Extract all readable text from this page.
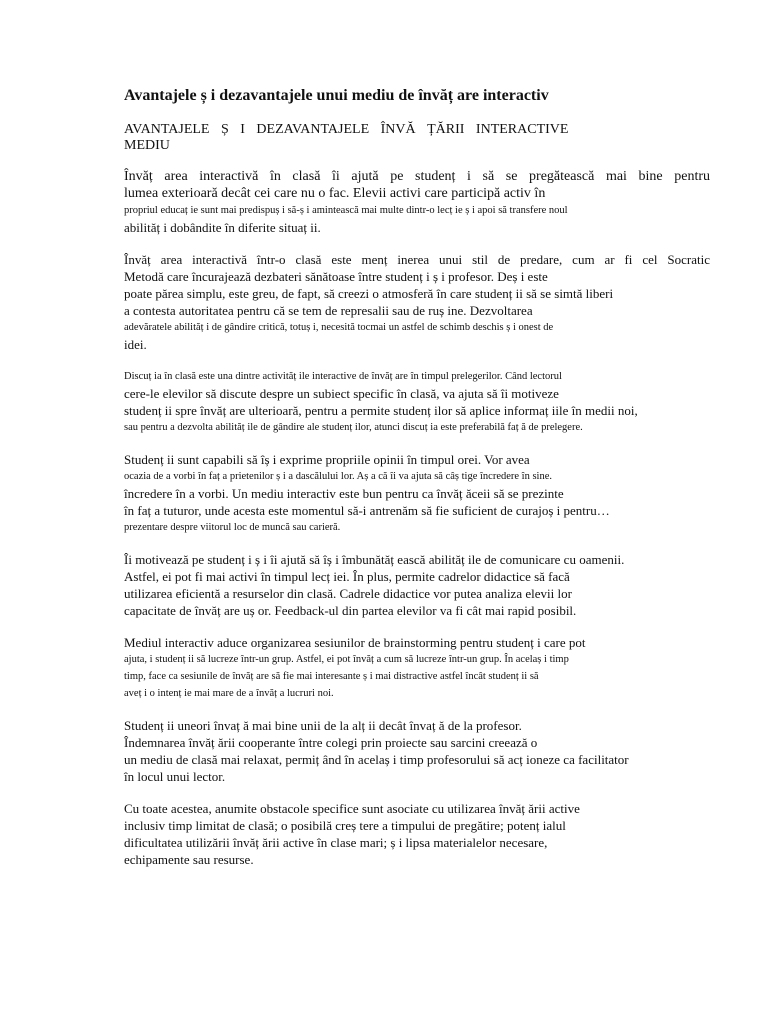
Avantajele ș i dezavantajele unui mediu de învăț are interactiv
AVANTAJELE Ș I DEZAVANTAJELE ÎNVĂ ȚĂRII INTERACTIVE MEDIU
Învăț area interactivă în clasă îi ajută pe studenț i să se pregătească mai bine pentru
lumea exterioară decât cei care nu o fac. Elevii activi care participă activ în
propriul educaț ie sunt mai predispuș i să-ș i amintească mai multe dintr-o lecț ie ș i apoi să transfere noul
abilităț i dobândite în diferite situaț ii.
Învăț area interactivă într-o clasă este menț inerea unui stil de predare, cum ar fi cel Socratic
Metodă care încurajează dezbateri sănătoase între studenț i ș i profesor. Deș i este
poate părea simplu, este greu, de fapt, să creezi o atmosferă în care studenț ii să se simtă liberi
a contesta autoritatea pentru că se tem de represalii sau de ruș ine. Dezvoltarea
adevăratele abilităț i de gândire critică, totuș i, necesită tocmai un astfel de schimb deschis ș i onest de
idei.
Discuț ia în clasă este una dintre activităț ile interactive de învăț are în timpul prelegerilor. Când lectorul
cere-le elevilor să discute despre un subiect specific în clasă, va ajuta să îi motiveze
studenț ii spre învăț are ulterioară, pentru a permite studenț ilor să aplice informaț iile în medii noi,
sau pentru a dezvolta abilităț ile de gândire ale studenț ilor, atunci discuț ia este preferabilă faț ă de prelegere.
Studenț ii sunt capabili să îș i exprime propriile opinii în timpul orei. Vor avea
ocazia de a vorbi în faț a prietenilor ș i a dascălului lor. Aș a că îi va ajuta să câș tige încredere în sine.
încredere în a vorbi. Un mediu interactiv este bun pentru ca învăț ăceii să se prezinte
în faț a tuturor, unde acesta este momentul să-i antrenăm să fie suficient de curajoș i pentru…
prezentare despre viitorul loc de muncă sau carieră.
Îi motivează pe studenț i ș i îi ajută să îș i îmbunătăț ească abilităț ile de comunicare cu oamenii.
Astfel, ei pot fi mai activi în timpul lecț iei. În plus, permite cadrelor didactice să facă
utilizarea eficientă a resurselor din clasă. Cadrele didactice vor putea analiza elevii lor
capacitate de învăț are uș or. Feedback-ul din partea elevilor va fi cât mai rapid posibil.
Mediul interactiv aduce organizarea sesiunilor de brainstorming pentru studenț i care pot
ajuta, i studenț ii să lucreze într-un grup. Astfel, ei pot învăț a cum să lucreze într-un grup. În acelaș i timp
timp, face ca sesiunile de învăț are să fie mai interesante ș i mai distractive astfel încât studenț ii să
aveț i o intenț ie mai mare de a învăț a lucruri noi.
Studenț ii uneori învaț ă mai bine unii de la alț ii decât învaț ă de la profesor.
Îndemnarea învăț ării cooperante între colegi prin proiecte sau sarcini creează o
un mediu de clasă mai relaxat, permiț ând în acelaș i timp profesorului să acț ioneze ca facilitator
în locul unui lector.
Cu toate acestea, anumite obstacole specifice sunt asociate cu utilizarea învăț ării active
inclusiv timp limitat de clasă; o posibilă creș tere a timpului de pregătire; potenț ialul
dificultatea utilizării învăț ării active în clase mari; ș i lipsa materialelor necesare,
echipamente sau resurse.
